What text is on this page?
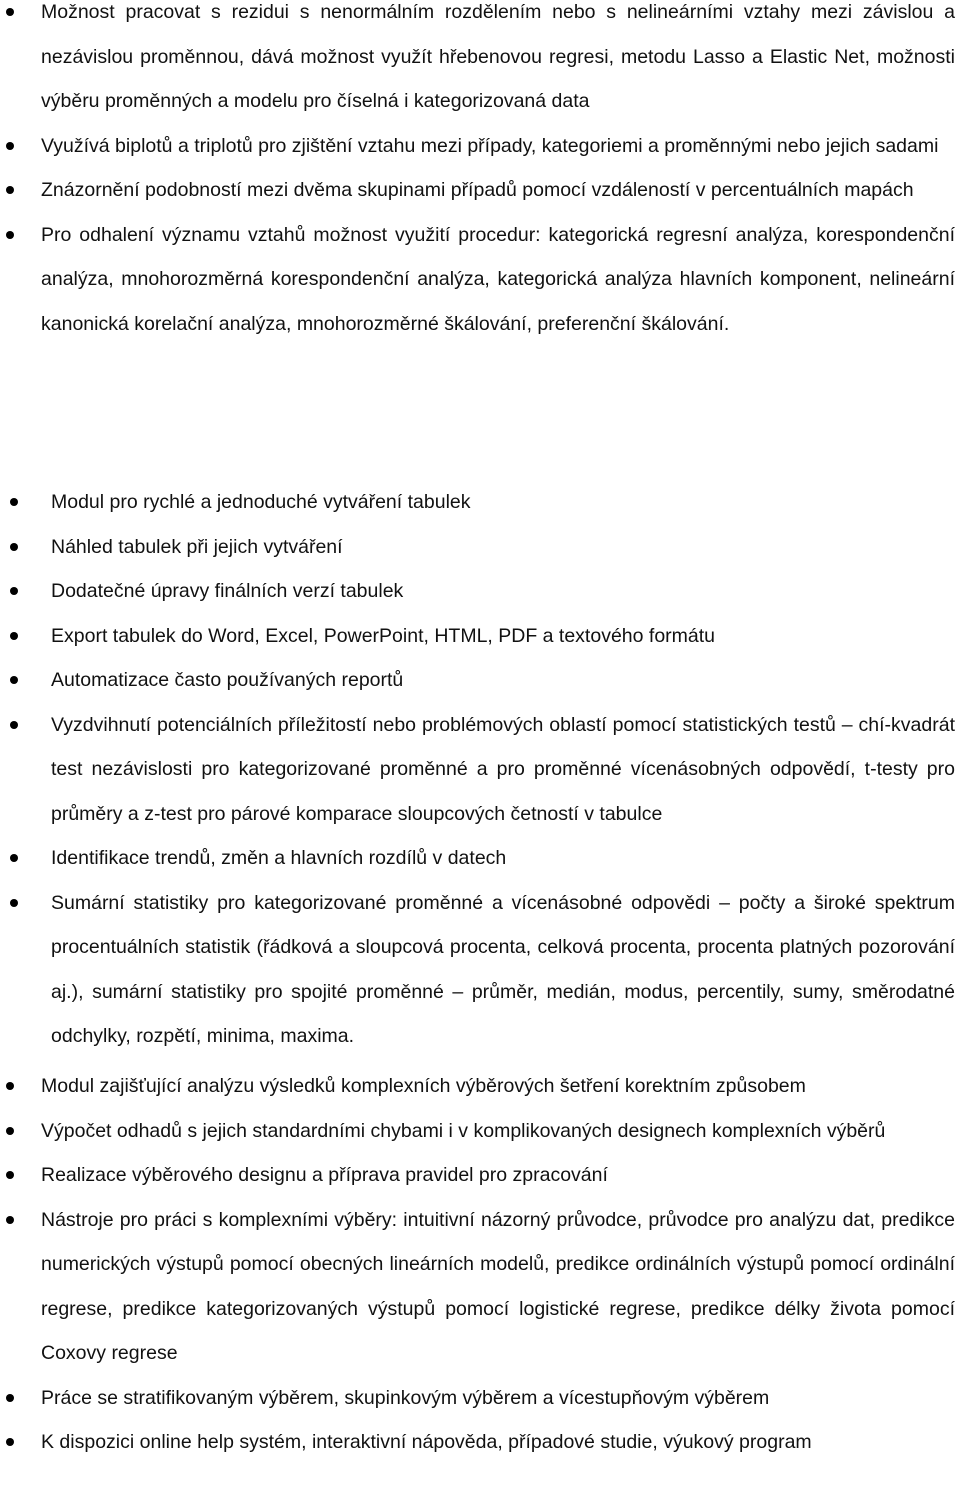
Možnost pracovat s rezidui s nenormálním rozdělením nebo s nelineárními vztahy mezi závislou a nezávislou proměnnou, dává možnost využít hřebenovou regresi, metodu Lasso a Elastic Net, možnosti výběru proměnných a modelu pro číselná i kategorizovaná data
Využívá biplotů a triplotů pro zjištění vztahu mezi případy, kategoriemi a proměnnými nebo jejich sadami
Znázornění podobností mezi dvěma skupinami případů pomocí vzdáleností v percentuálních mapách
Pro odhalení významu vztahů možnost využití procedur: kategorická regresní analýza, korespondenční analýza, mnohorozměrná korespondenční analýza, kategorická analýza hlavních komponent, nelineární kanonická korelační analýza, mnohorozměrné škálování, preferenční škálování.
Modul pro rychlé a jednoduché vytváření tabulek
Náhled tabulek při jejich vytváření
Dodatečné úpravy finálních verzí tabulek
Export tabulek do Word, Excel, PowerPoint, HTML, PDF a textového formátu
Automatizace často používaných reportů
Vyzdvihnutí potenciálních příležitostí nebo problémových oblastí pomocí statistických testů – chí-kvadrát test nezávislosti pro kategorizované proměnné a pro proměnné vícenásobných odpovědí, t-testy pro průměry a z-test pro párové komparace sloupcových četností v tabulce
Identifikace trendů, změn a hlavních rozdílů v datech
Sumární statistiky pro kategorizované proměnné a vícenásobné odpovědi – počty a široké spektrum procentuálních statistik (řádková a sloupcová procenta, celková procenta, procenta platných pozorování aj.), sumární statistiky pro spojité proměnné – průměr, medián, modus, percentily, sumy, směrodatné odchylky, rozpětí, minima, maxima.
Modul zajišťující analýzu výsledků komplexních výběrových šetření korektním způsobem
Výpočet odhadů s jejich standardními chybami i v komplikovaných designech komplexních výběrů
Realizace výběrového designu a příprava pravidel pro zpracování
Nástroje pro práci s komplexními výběry: intuitivní názorný průvodce, průvodce pro analýzu dat, predikce numerických výstupů pomocí obecných lineárních modelů, predikce ordinálních výstupů pomocí ordinální regrese, predikce kategorizovaných výstupů pomocí logistické regrese, predikce délky života pomocí Coxovy regrese
Práce se stratifikovaným výběrem, skupinkovým výběrem a vícestupňovým výběrem
K dispozici online help systém, interaktivní nápověda, případové studie, výukový program
